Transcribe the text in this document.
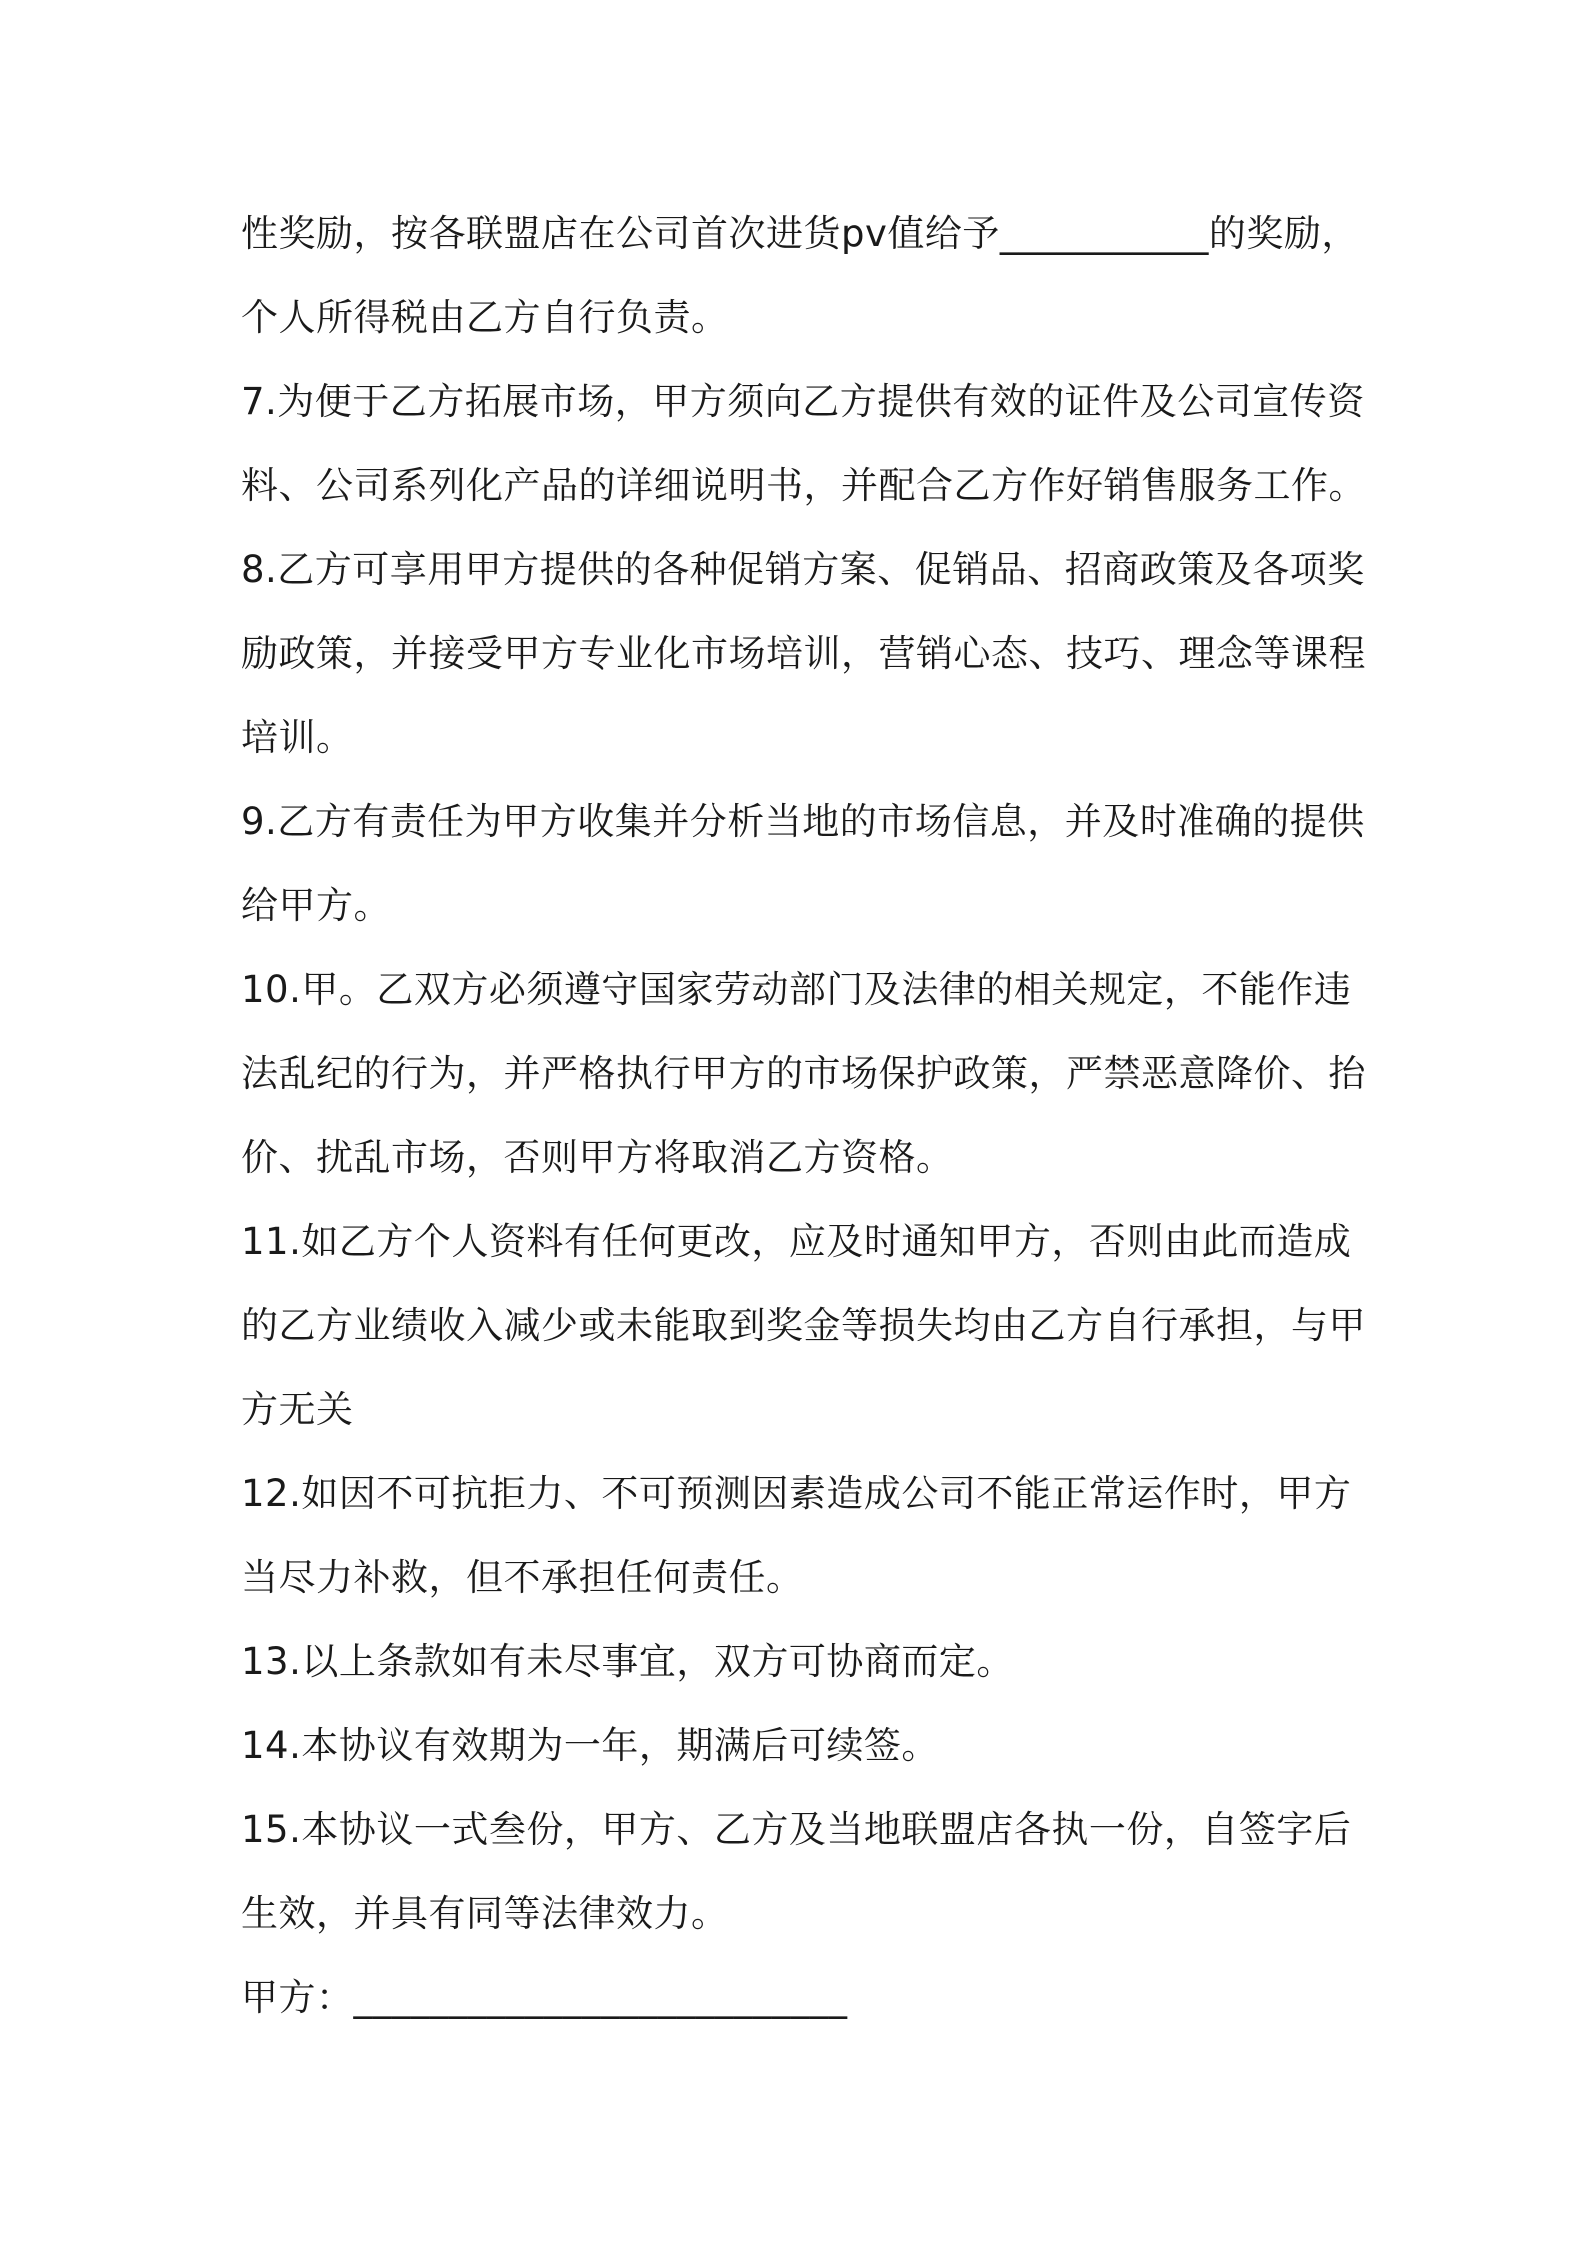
性奖励，按各联盟店在公司首次进货pv值给予___________的奖励，
个人所得税由乙方自行负责。

7.为便于乙方拓展市场，甲方须向乙方提供有效的证件及公司宣传资
料、公司系列化产品的详细说明书，并配合乙方作好销售服务工作。

8.乙方可享用甲方提供的各种促销方案、促销品、招商政策及各项奖
励政策，并接受甲方专业化市场培训，营销心态、技巧、理念等课程
培训。

9.乙方有责任为甲方收集并分析当地的市场信息，并及时准确的提供
给甲方。

10.甲。乙双方必须遵守国家劳动部门及法律的相关规定，不能作违
法乱纪的行为，并严格执行甲方的市场保护政策，严禁恶意降价、抬
价、扰乱市场，否则甲方将取消乙方资格。

11.如乙方个人资料有任何更改，应及时通知甲方，否则由此而造成
的乙方业绩收入减少或未能取到奖金等损失均由乙方自行承担，与甲
方无关

12.如因不可抗拒力、不可预测因素造成公司不能正常运作时，甲方
当尽力补救，但不承担任何责任。

13.以上条款如有未尽事宜，双方可协商而定。

14.本协议有效期为一年，期满后可续签。

15.本协议一式叁份，甲方、乙方及当地联盟店各执一份，自签字后
生效，并具有同等法律效力。

甲方：__________________________
